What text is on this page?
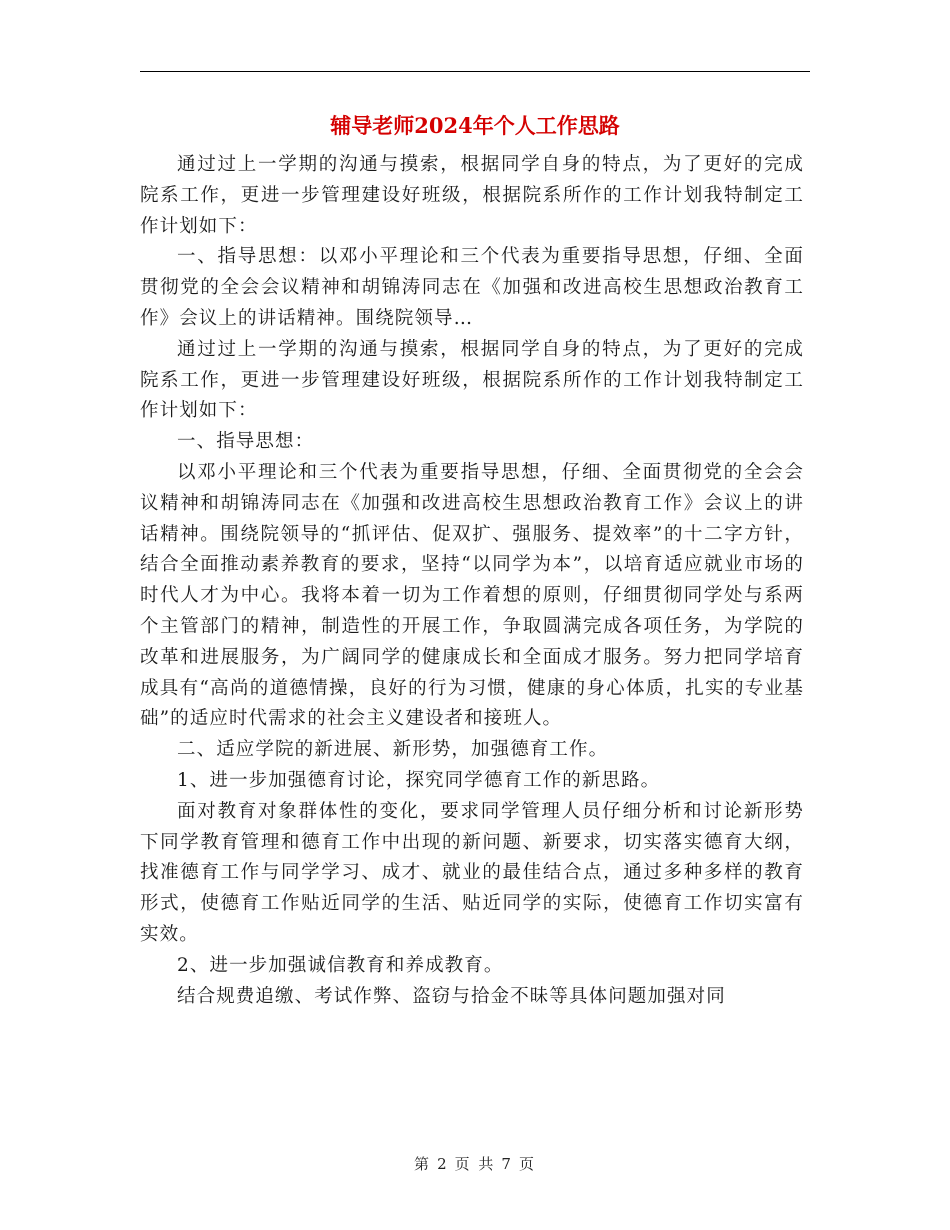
辅导老师2024年个人工作思路

通过过上一学期的沟通与摸索，根据同学自身的特点，为了更好的完成院系工作，更进一步管理建设好班级，根据院系所作的工作计划我特制定工作计划如下：

一、指导思想：以邓小平理论和三个代表为重要指导思想，仔细、全面贯彻党的全会会议精神和胡锦涛同志在《加强和改进高校生思想政治教育工作》会议上的讲话精神。围绕院领导…

通过过上一学期的沟通与摸索，根据同学自身的特点，为了更好的完成院系工作，更进一步管理建设好班级，根据院系所作的工作计划我特制定工作计划如下：

一、指导思想：

以邓小平理论和三个代表为重要指导思想，仔细、全面贯彻党的全会会议精神和胡锦涛同志在《加强和改进高校生思想政治教育工作》会议上的讲话精神。围绕院领导的“抓评估、促双扩、强服务、提效率”的十二字方针，结合全面推动素养教育的要求，坚持“以同学为本”，以培育适应就业市场的时代人才为中心。我将本着一切为工作着想的原则，仔细贯彻同学处与系两个主管部门的精神，制造性的开展工作，争取圆满完成各项任务，为学院的改革和进展服务，为广阔同学的健康成长和全面成才服务。努力把同学培育成具有“高尚的道德情操，良好的行为习惯，健康的身心体质，扎实的专业基础”的适应时代需求的社会主义建设者和接班人。

二、适应学院的新进展、新形势，加强德育工作。

1、进一步加强德育讨论，探究同学德育工作的新思路。

面对教育对象群体性的变化，要求同学管理人员仔细分析和讨论新形势下同学教育管理和德育工作中出现的新问题、新要求，切实落实德育大纲，找准德育工作与同学学习、成才、就业的最佳结合点，通过多种多样的教育形式，使德育工作贴近同学的生活、贴近同学的实际，使德育工作切实富有实效。

2、进一步加强诚信教育和养成教育。

结合规费追缴、考试作弊、盗窃与拾金不昧等具体问题加强对同

第 2 页 共 7 页
